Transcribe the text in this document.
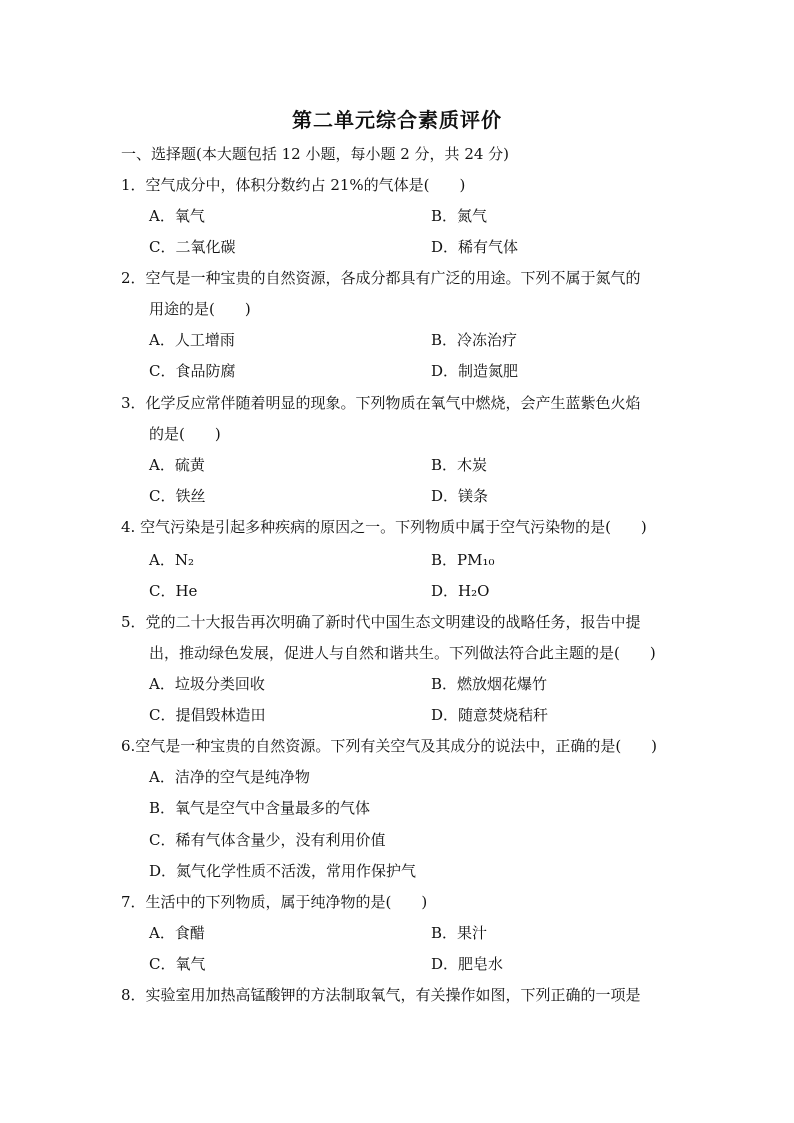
第二单元综合素质评价
一、选择题(本大题包括 12 小题，每小题 2 分，共 24 分)
1．空气成分中，体积分数约占 21%的气体是(　　)
A．氧气	B．氮气
C．二氧化碳	D．稀有气体
2．空气是一种宝贵的自然资源，各成分都具有广泛的用途。下列不属于氮气的
用途的是(　　)
A．人工增雨	B．冷冻治疗
C．食品防腐	D．制造氮肥
3．化学反应常伴随着明显的现象。下列物质在氧气中燃烧，会产生蓝紫色火焰
的是(　　)
A．硫黄	B．木炭
C．铁丝	D．镁条
4. 空气污染是引起多种疾病的原因之一。下列物质中属于空气污染物的是(　　)
A．N₂	B．PM₁₀
C．He	D．H₂O
5．党的二十大报告再次明确了新时代中国生态文明建设的战略任务，报告中提
出，推动绿色发展，促进人与自然和谐共生。下列做法符合此主题的是(　　)
A．垃圾分类回收	B．燃放烟花爆竹
C．提倡毁林造田	D．随意焚烧秸秆
6.空气是一种宝贵的自然资源。下列有关空气及其成分的说法中，正确的是(　　)
A．洁净的空气是纯净物
B．氧气是空气中含量最多的气体
C．稀有气体含量少，没有利用价值
D．氮气化学性质不活泼，常用作保护气
7．生活中的下列物质，属于纯净物的是(　　)
A．食醋	B．果汁
C．氧气	D．肥皂水
8．实验室用加热高锰酸钾的方法制取氧气，有关操作如图，下列正确的一项是
